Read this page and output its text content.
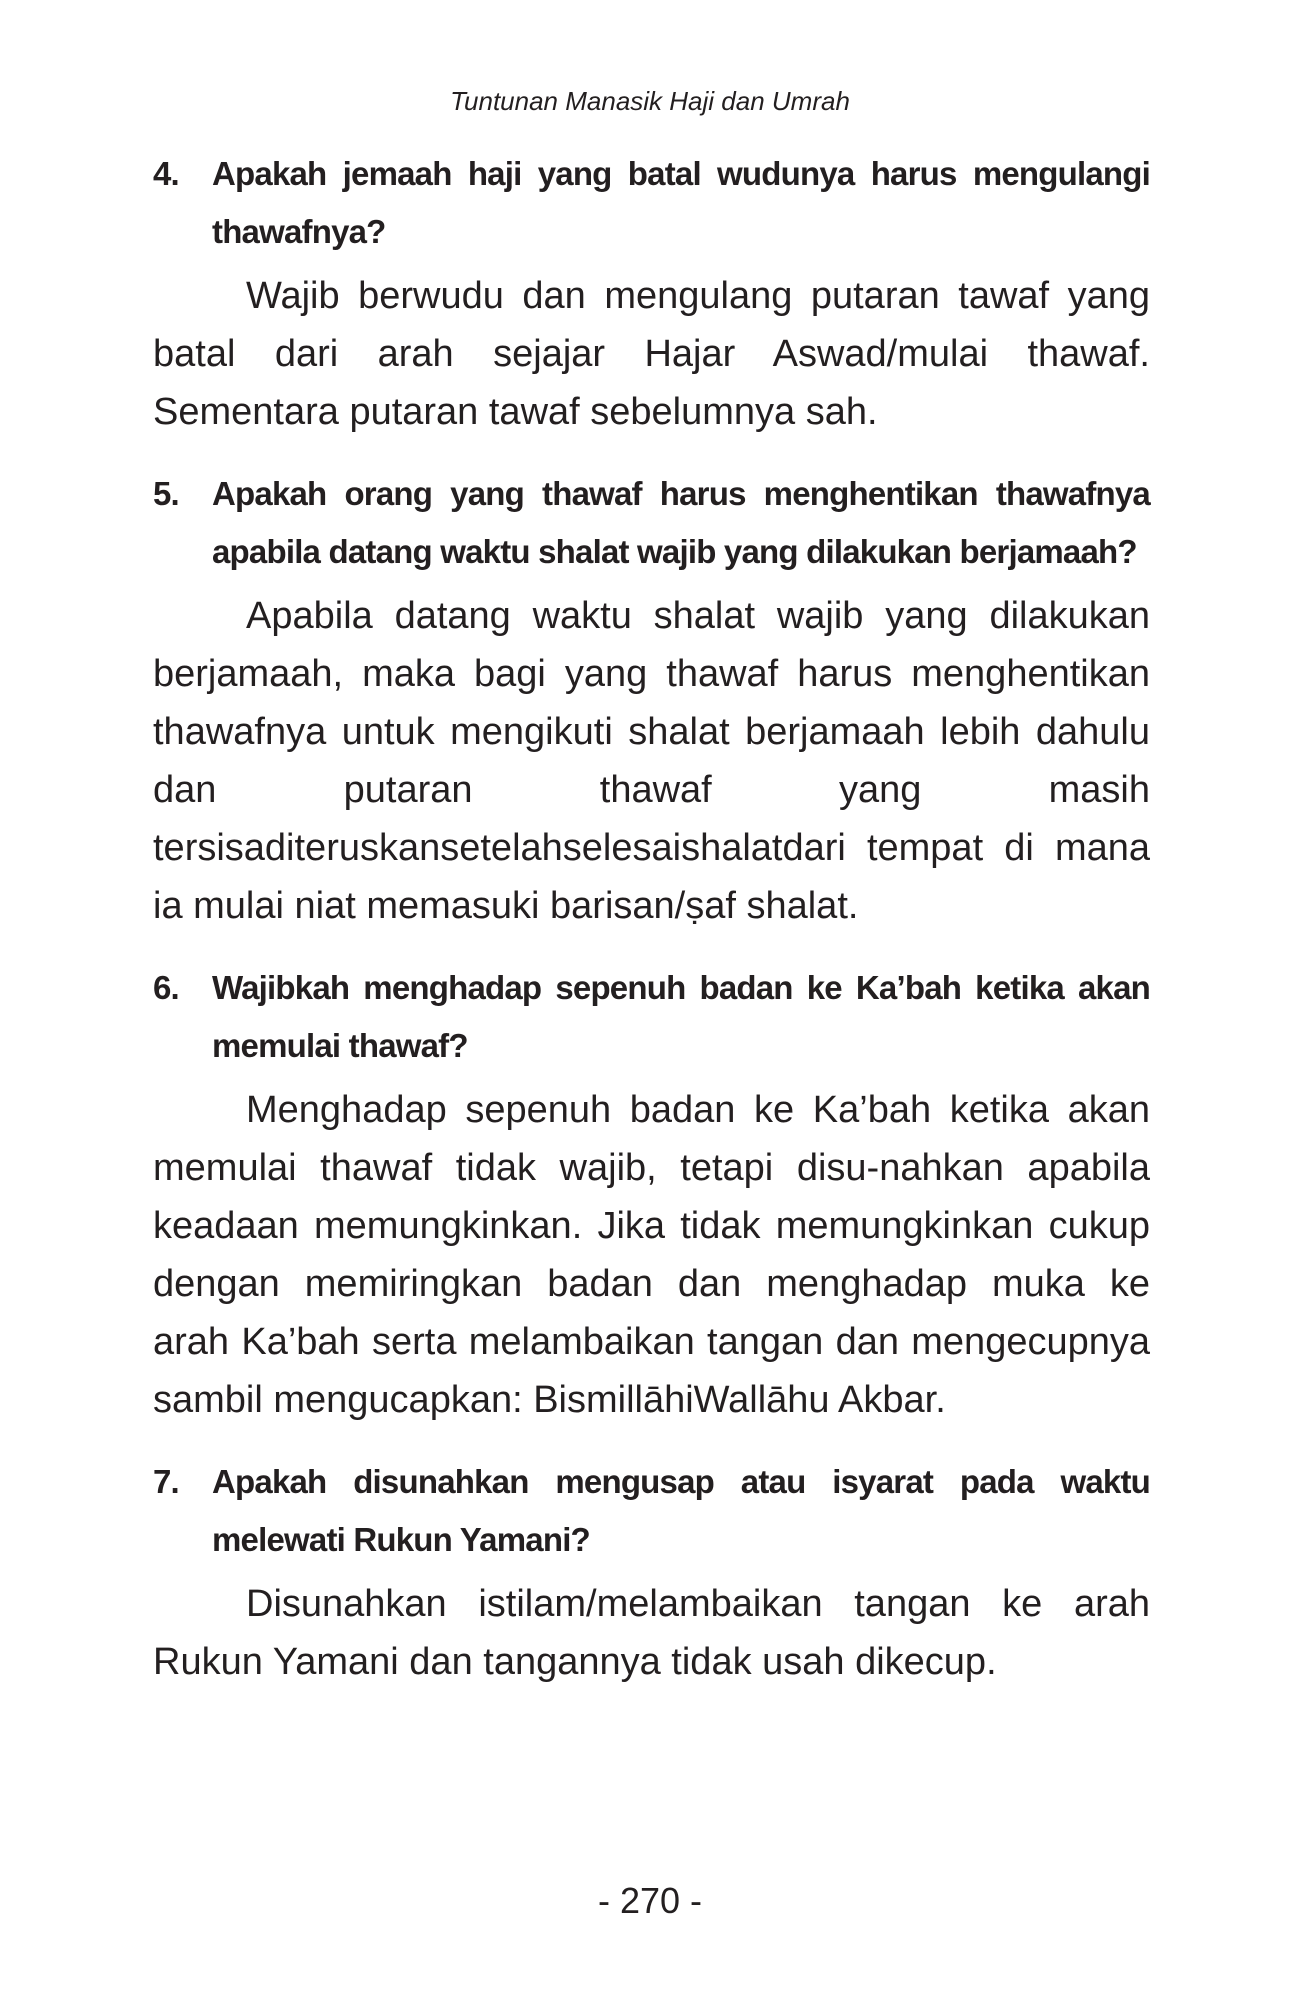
Tuntunan Manasik Haji dan Umrah
4.	Apakah jemaah haji yang batal wudunya harus mengulangi thawafnya?

Wajib berwudu dan mengulang putaran tawaf yang batal dari arah sejajar Hajar Aswad/mulai thawaf. Sementara putaran tawaf sebelumnya sah.

5.	Apakah orang yang thawaf harus menghentikan thawafnya apabila datang waktu shalat wajib yang dilakukan berjamaah?

Apabila datang waktu shalat wajib yang dilakukan berjamaah, maka bagi yang thawaf harus menghentikan thawafnya untuk mengikuti shalat berjamaah lebih dahulu dan putaran thawaf yang masih tersisaditeruskansetelahselesaishalatdari tempat di mana ia mulai niat memasuki barisan/ṣaf shalat.

6.	Wajibkah menghadap sepenuh badan ke Ka’bah ketika akan memulai thawaf?

Menghadap sepenuh badan ke Ka’bah ketika akan memulai thawaf tidak wajib, tetapi disu-nahkan apabila keadaan memungkinkan. Jika tidak memungkinkan cukup dengan memiringkan badan dan menghadap muka ke arah Ka’bah serta melambaikan tangan dan mengecupnya sambil mengucapkan: BismillāhiWallāhu Akbar.

7.	Apakah disunahkan mengusap atau isyarat pada waktu melewati Rukun Yamani?

Disunahkan istilam/melambaikan tangan ke arah Rukun Yamani dan tangannya tidak usah dikecup.

- 270 -
